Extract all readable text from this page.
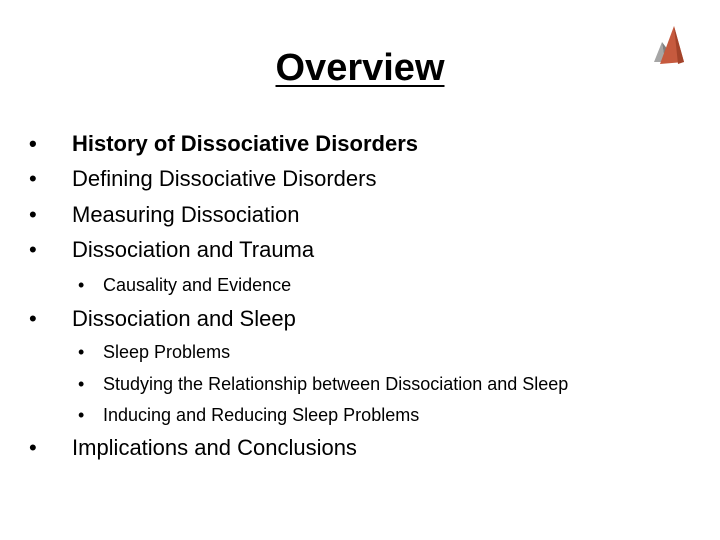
Overview
• History of Dissociative Disorders
• Defining Dissociative Disorders
• Measuring Dissociation
• Dissociation and Trauma
• Causality and Evidence
• Dissociation and Sleep
• Sleep Problems
• Studying the Relationship between Dissociation and Sleep
• Inducing and Reducing Sleep Problems
• Implications and Conclusions
